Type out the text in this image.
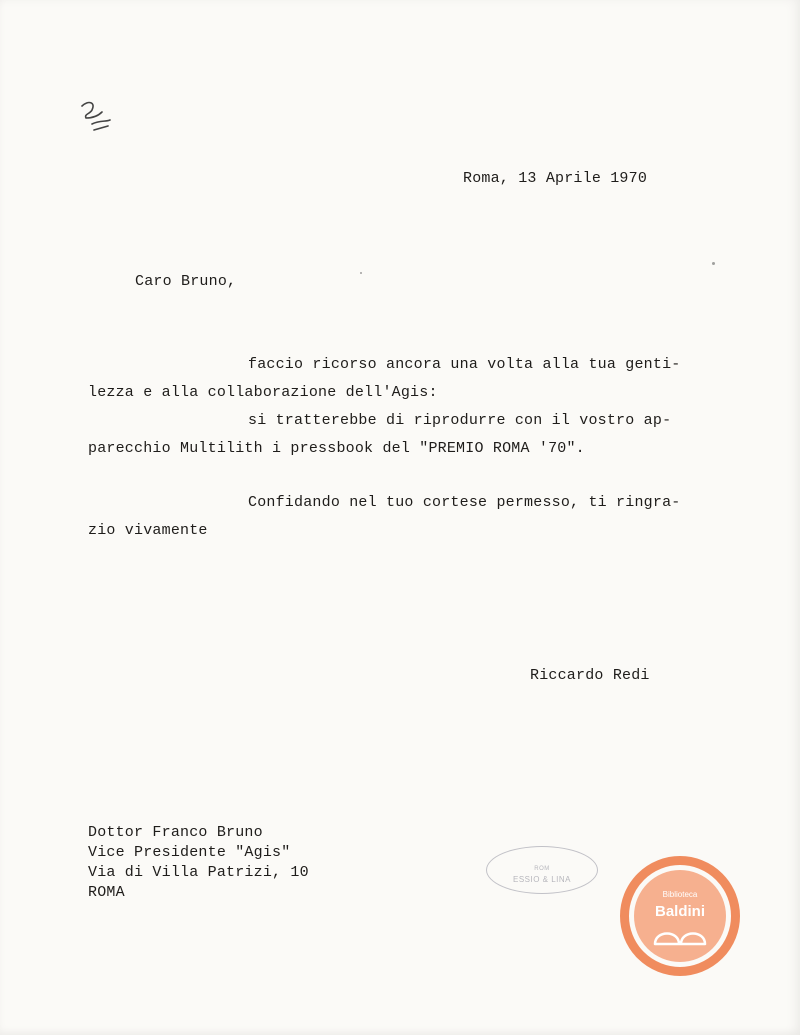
Roma, 13 Aprile 1970
Caro Bruno,
faccio ricorso ancora una volta alla tua genti-
lezza e alla collaborazione dell'Agis:
si tratterebbe di riprodurre con il vostro ap-
parecchio Multilith i pressbook del "PREMIO ROMA '70".
Confidando nel tuo cortese permesso, ti ringra-
zio vivamente
Riccardo Redi
Dottor Franco Bruno
Vice Presidente "Agis"
Via di Villa Patrizi, 10
ROMA
ROM
ESSIO & LINA
Biblioteca
Baldini
